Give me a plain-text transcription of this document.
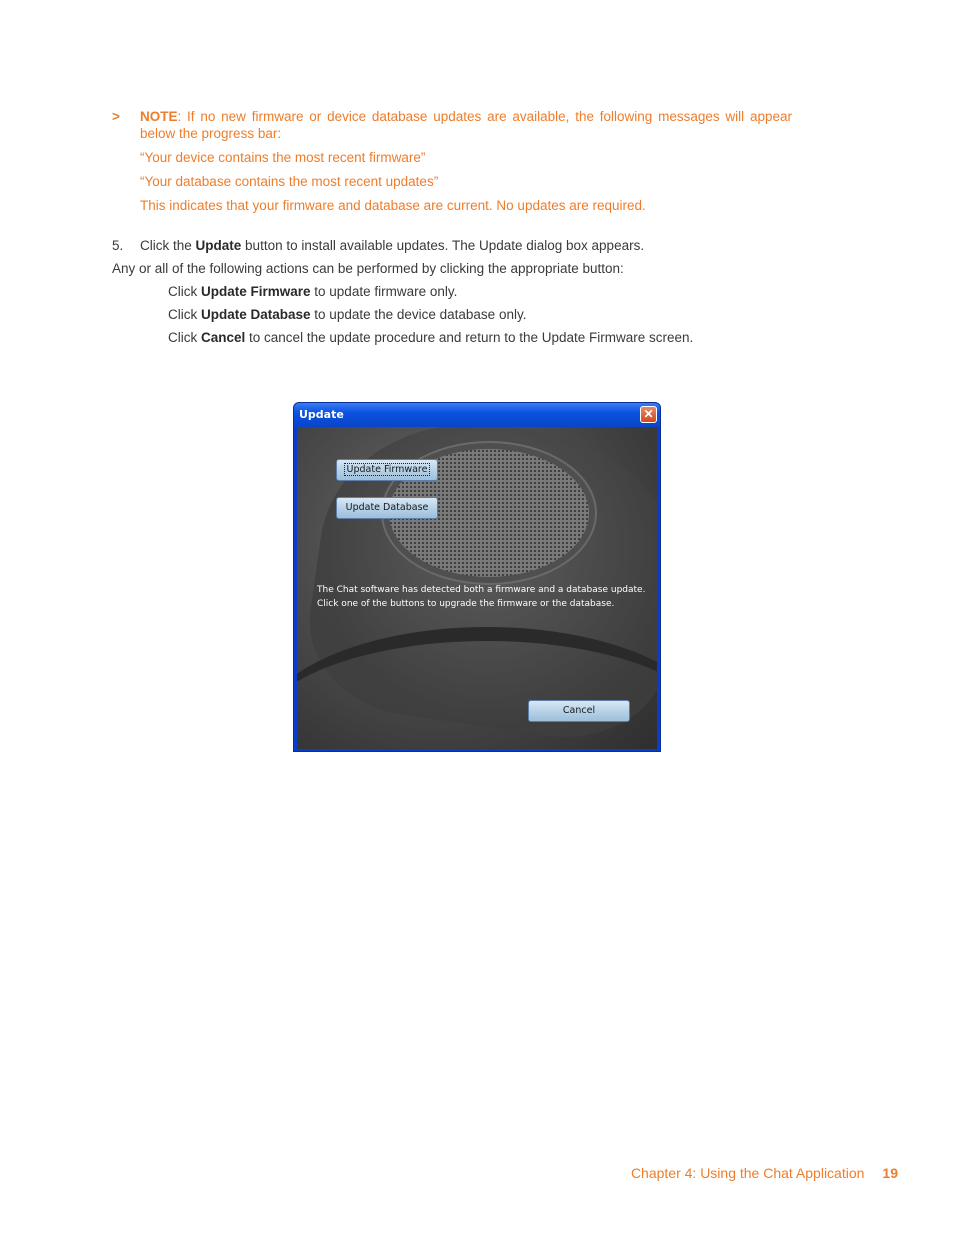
> NOTE: If no new firmware or device database updates are available, the following messages will appear below the progress bar:
“Your device contains the most recent firmware”
“Your database contains the most recent updates”
This indicates that your firmware and database are current. No updates are required.
5. Click the Update button to install available updates. The Update dialog box appears.
Any or all of the following actions can be performed by clicking the appropriate button:
Click Update Firmware to update firmware only.
Click Update Database to update the device database only.
Click Cancel to cancel the update procedure and return to the Update Firmware screen.
Update	✕
Update Firmware
Update Database
The Chat software has detected both a firmware and a database update.
Click one of the buttons to upgrade the firmware or the database.
Cancel
Chapter 4: Using the Chat Application 19
